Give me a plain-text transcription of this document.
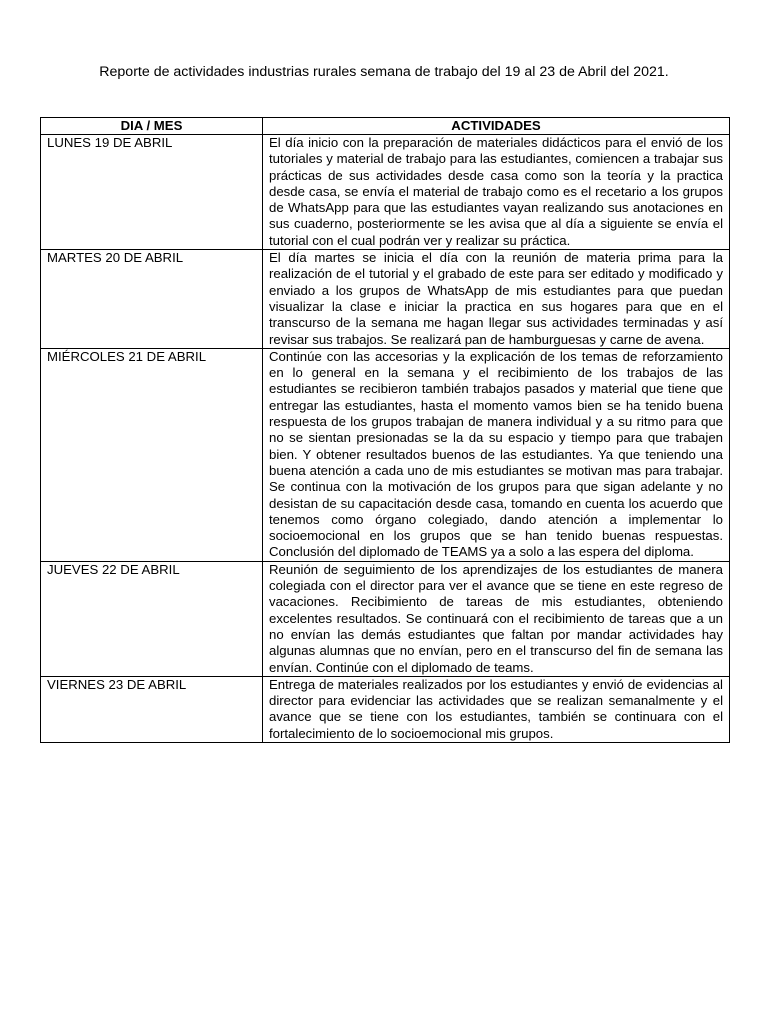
Reporte de actividades industrias rurales semana de trabajo del 19 al 23 de Abril del 2021.
DIA / MES	ACTIVIDADES
LUNES 19 DE ABRIL	El día inicio con la preparación de materiales didácticos para el envió de los tutoriales y material de trabajo para las estudiantes, comiencen a trabajar sus prácticas de sus actividades desde casa como son la teoría y la practica desde casa, se envía el material de trabajo como es el recetario a los grupos de WhatsApp para que las estudiantes vayan realizando sus anotaciones en sus cuaderno, posteriormente se les avisa que al día a siguiente se envía el tutorial con el cual podrán ver y realizar su práctica.
MARTES 20 DE ABRIL	El día martes se inicia el día con la reunión de materia prima para la realización de el tutorial y el grabado de este para ser editado y modificado y enviado a los grupos de WhatsApp de mis estudiantes para que puedan visualizar la clase e iniciar la practica en sus hogares para que en el transcurso de la semana me hagan llegar sus actividades terminadas y así revisar sus trabajos. Se realizará pan de hamburguesas y carne de avena.
MIÉRCOLES 21 DE ABRIL	Continúe con las accesorias y la explicación de los temas de reforzamiento en lo general en la semana y el recibimiento de los trabajos de las estudiantes se recibieron también trabajos pasados y material que tiene que entregar las estudiantes, hasta el momento vamos bien se ha tenido buena respuesta de los grupos trabajan de manera individual y a su ritmo para que no se sientan presionadas se la da su espacio y tiempo para que trabajen bien. Y obtener resultados buenos de las estudiantes. Ya que teniendo una buena atención a cada uno de mis estudiantes se motivan mas para trabajar. Se continua con la motivación de los grupos para que sigan adelante y no desistan de su capacitación desde casa, tomando en cuenta los acuerdo que tenemos como órgano colegiado, dando atención a implementar lo socioemocional en los grupos que se han tenido buenas respuestas. Conclusión del diplomado de TEAMS ya a solo a las espera del diploma.
JUEVES 22 DE ABRIL	Reunión de seguimiento de los aprendizajes de los estudiantes de manera colegiada con el director para ver el avance que se tiene en este regreso de vacaciones. Recibimiento de tareas de mis estudiantes, obteniendo excelentes resultados. Se continuará con el recibimiento de tareas que a un no envían las demás estudiantes que faltan por mandar actividades hay algunas alumnas que no envían, pero en el transcurso del fin de semana las envían. Continúe con el diplomado de teams.
VIERNES 23 DE ABRIL	Entrega de materiales realizados por los estudiantes y envió de evidencias al director para evidenciar las actividades que se realizan semanalmente y el avance que se tiene con los estudiantes, también se continuara con el fortalecimiento de lo socioemocional mis grupos.
